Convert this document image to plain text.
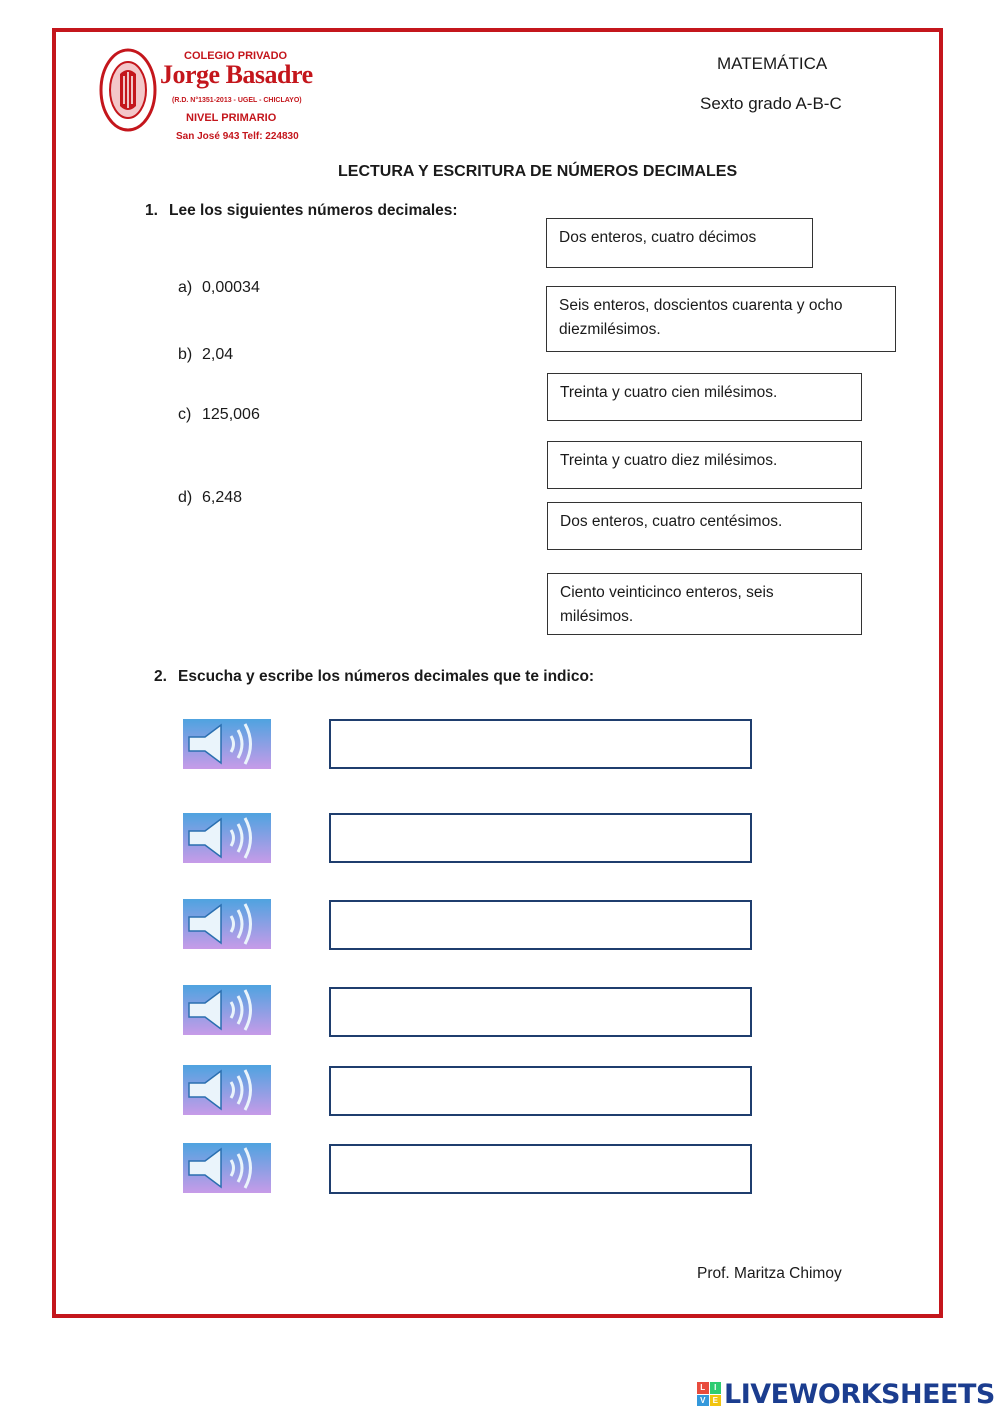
COLEGIO PRIVADO
Jorge Basadre
(R.D. N°1351-2013 - UGEL - CHICLAYO)
NIVEL PRIMARIO
San José 943 Telf: 224830
MATEMÁTICA
Sexto grado A-B-C
LECTURA Y ESCRITURA DE NÚMEROS DECIMALES
1. Lee los siguientes números decimales:
a) 0,00034
b) 2,04
c) 125,006
d) 6,248
Dos enteros, cuatro décimos
Seis enteros, doscientos cuarenta y ocho diezmilésimos.
Treinta y cuatro cien milésimos.
Treinta y cuatro diez milésimos.
Dos enteros, cuatro centésimos.
Ciento veinticinco enteros, seis milésimos.
2. Escucha y escribe los números decimales que te indico:
Prof. Maritza Chimoy
L	I
V E LIVEWORKSHEETS
